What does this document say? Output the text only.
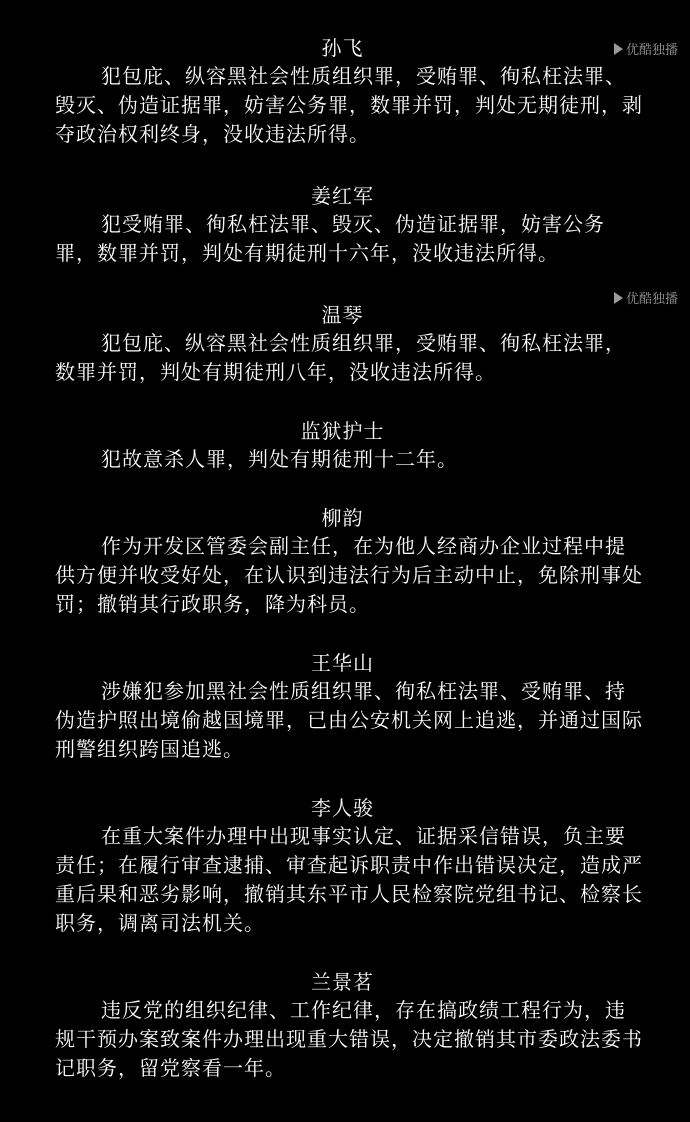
优酷独播
优酷独播
孙飞

犯包庇、纵容黑社会性质组织罪，受贿罪、徇私枉法罪、毁灭、伪造证据罪，妨害公务罪，数罪并罚，判处无期徒刑，剥夺政治权利终身，没收违法所得。

姜红军

犯受贿罪、徇私枉法罪、毁灭、伪造证据罪，妨害公务罪，数罪并罚，判处有期徒刑十六年，没收违法所得。

温琴

犯包庇、纵容黑社会性质组织罪，受贿罪、徇私枉法罪，数罪并罚，判处有期徒刑八年，没收违法所得。

监狱护士

犯故意杀人罪，判处有期徒刑十二年。

柳韵

作为开发区管委会副主任，在为他人经商办企业过程中提供方便并收受好处，在认识到违法行为后主动中止，免除刑事处罚；撤销其行政职务，降为科员。

王华山

涉嫌犯参加黑社会性质组织罪、徇私枉法罪、受贿罪、持伪造护照出境偷越国境罪，已由公安机关网上追逃，并通过国际刑警组织跨国追逃。

李人骏

在重大案件办理中出现事实认定、证据采信错误，负主要责任；在履行审查逮捕、审查起诉职责中作出错误决定，造成严重后果和恶劣影响，撤销其东平市人民检察院党组书记、检察长职务，调离司法机关。

兰景茗

违反党的组织纪律、工作纪律，存在搞政绩工程行为，违规干预办案致案件办理出现重大错误，决定撤销其市委政法委书记职务，留党察看一年。
